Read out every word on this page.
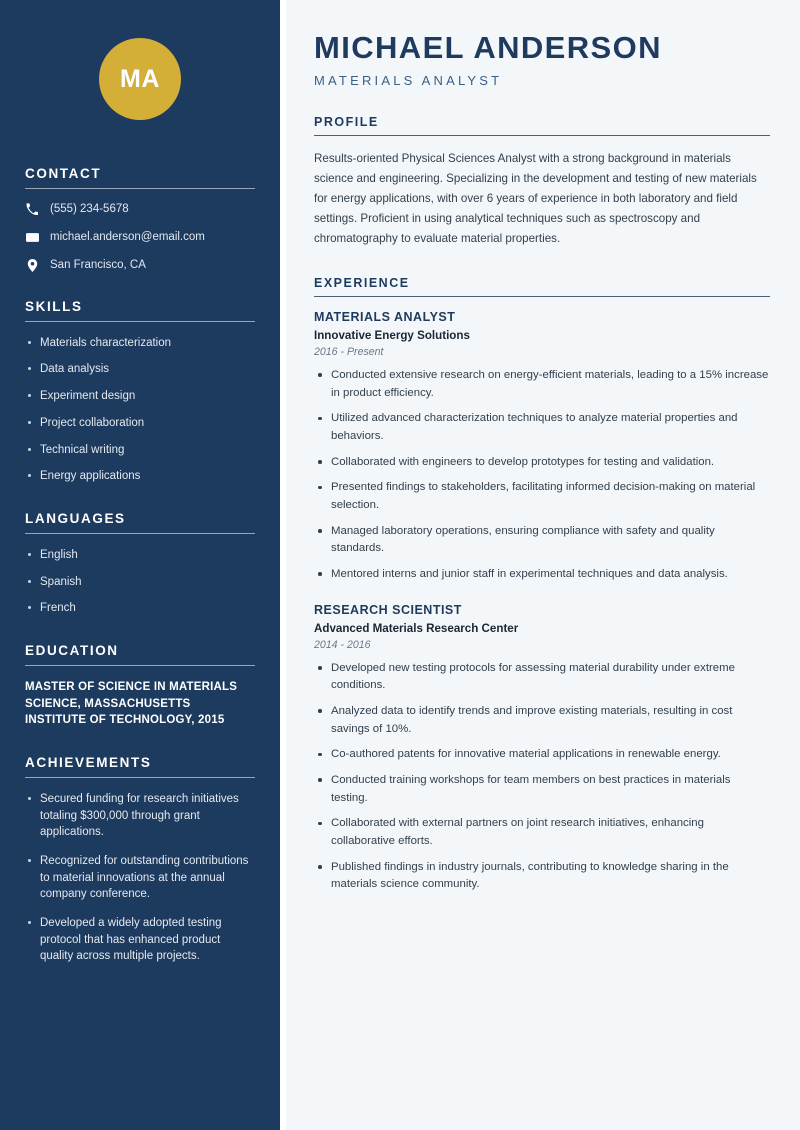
MA
CONTACT
(555) 234-5678
michael.anderson@email.com
San Francisco, CA
SKILLS
Materials characterization
Data analysis
Experiment design
Project collaboration
Technical writing
Energy applications
LANGUAGES
English
Spanish
French
EDUCATION
MASTER OF SCIENCE IN MATERIALS SCIENCE, MASSACHUSETTS INSTITUTE OF TECHNOLOGY, 2015
ACHIEVEMENTS
Secured funding for research initiatives totaling $300,000 through grant applications.
Recognized for outstanding contributions to material innovations at the annual company conference.
Developed a widely adopted testing protocol that has enhanced product quality across multiple projects.
MICHAEL ANDERSON
MATERIALS ANALYST
PROFILE

Results-oriented Physical Sciences Analyst with a strong background in materials science and engineering. Specializing in the development and testing of new materials for energy applications, with over 6 years of experience in both laboratory and field settings. Proficient in using analytical techniques such as spectroscopy and chromatography to evaluate material properties.

EXPERIENCE
MATERIALS ANALYST
Innovative Energy Solutions
2016 - Present
Conducted extensive research on energy-efficient materials, leading to a 15% increase in product efficiency.
Utilized advanced characterization techniques to analyze material properties and behaviors.
Collaborated with engineers to develop prototypes for testing and validation.
Presented findings to stakeholders, facilitating informed decision-making on material selection.
Managed laboratory operations, ensuring compliance with safety and quality standards.
Mentored interns and junior staff in experimental techniques and data analysis.
RESEARCH SCIENTIST
Advanced Materials Research Center
2014 - 2016
Developed new testing protocols for assessing material durability under extreme conditions.
Analyzed data to identify trends and improve existing materials, resulting in cost savings of 10%.
Co-authored patents for innovative material applications in renewable energy.
Conducted training workshops for team members on best practices in materials testing.
Collaborated with external partners on joint research initiatives, enhancing collaborative efforts.
Published findings in industry journals, contributing to knowledge sharing in the materials science community.
